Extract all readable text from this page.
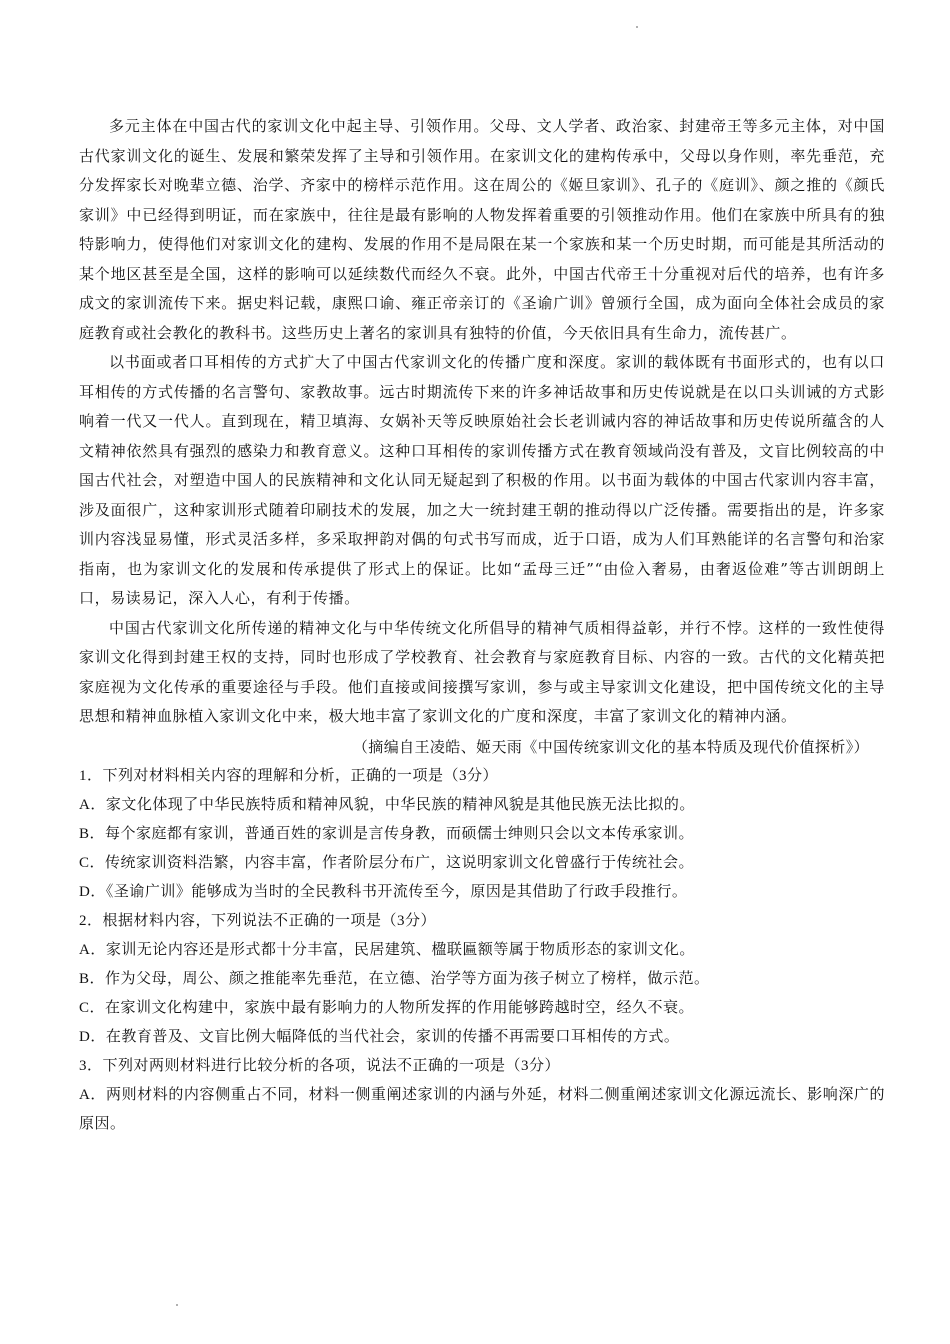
多元主体在中国古代的家训文化中起主导、引领作用。父母、文人学者、政治家、封建帝王等多元主体，对中国古代家训文化的诞生、发展和繁荣发挥了主导和引领作用。在家训文化的建构传承中，父母以身作则，率先垂范，充分发挥家长对晚辈立德、治学、齐家中的榜样示范作用。这在周公的《姬旦家训》、孔子的《庭训》、颜之推的《颜氏家训》中已经得到明证，而在家族中，往往是最有影响的人物发挥着重要的引领推动作用。他们在家族中所具有的独特影响力，使得他们对家训文化的建构、发展的作用不是局限在某一个家族和某一个历史时期，而可能是其所活动的某个地区甚至是全国，这样的影响可以延续数代而经久不衰。此外，中国古代帝王十分重视对后代的培养，也有许多成文的家训流传下来。据史料记载，康熙口谕、雍正帝亲订的《圣谕广训》曾颁行全国，成为面向全体社会成员的家庭教育或社会教化的教科书。这些历史上著名的家训具有独特的价值，今天依旧具有生命力，流传甚广。

以书面或者口耳相传的方式扩大了中国古代家训文化的传播广度和深度。家训的载体既有书面形式的，也有以口耳相传的方式传播的名言警句、家教故事。远古时期流传下来的许多神话故事和历史传说就是在以口头训诫的方式影响着一代又一代人。直到现在，精卫填海、女娲补天等反映原始社会长老训诫内容的神话故事和历史传说所蕴含的人文精神依然具有强烈的感染力和教育意义。这种口耳相传的家训传播方式在教育领域尚没有普及，文盲比例较高的中国古代社会，对塑造中国人的民族精神和文化认同无疑起到了积极的作用。以书面为载体的中国古代家训内容丰富，涉及面很广，这种家训形式随着印刷技术的发展，加之大一统封建王朝的推动得以广泛传播。需要指出的是，许多家训内容浅显易懂，形式灵活多样，多采取押韵对偶的句式书写而成，近于口语，成为人们耳熟能详的名言警句和治家指南，也为家训文化的发展和传承提供了形式上的保证。比如“孟母三迁”“由俭入奢易，由奢返俭难”等古训朗朗上口，易读易记，深入人心，有利于传播。

中国古代家训文化所传递的精神文化与中华传统文化所倡导的精神气质相得益彰，并行不悖。这样的一致性使得家训文化得到封建王权的支持，同时也形成了学校教育、社会教育与家庭教育目标、内容的一致。古代的文化精英把家庭视为文化传承的重要途径与手段。他们直接或间接撰写家训，参与或主导家训文化建设，把中国传统文化的主导思想和精神血脉植入家训文化中来，极大地丰富了家训文化的广度和深度，丰富了家训文化的精神内涵。

（摘编自王凌皓、姬天雨《中国传统家训文化的基本特质及现代价值探析》）

1．下列对材料相关内容的理解和分析，正确的一项是（3分）

A．家文化体现了中华民族特质和精神风貌，中华民族的精神风貌是其他民族无法比拟的。

B．每个家庭都有家训，普通百姓的家训是言传身教，而硕儒士绅则只会以文本传承家训。

C．传统家训资料浩繁，内容丰富，作者阶层分布广，这说明家训文化曾盛行于传统社会。

D．《圣谕广训》能够成为当时的全民教科书开流传至今，原因是其借助了行政手段推行。

2．根据材料内容，下列说法不正确的一项是（3分）

A．家训无论内容还是形式都十分丰富，民居建筑、楹联匾额等属于物质形态的家训文化。

B．作为父母，周公、颜之推能率先垂范，在立德、治学等方面为孩子树立了榜样，做示范。

C．在家训文化构建中，家族中最有影响力的人物所发挥的作用能够跨越时空，经久不衰。

D．在教育普及、文盲比例大幅降低的当代社会，家训的传播不再需要口耳相传的方式。

3．下列对两则材料进行比较分析的各项，说法不正确的一项是（3分）

A．两则材料的内容侧重占不同，材料一侧重阐述家训的内涵与外延，材料二侧重阐述家训文化源远流长、影响深广的原因。
